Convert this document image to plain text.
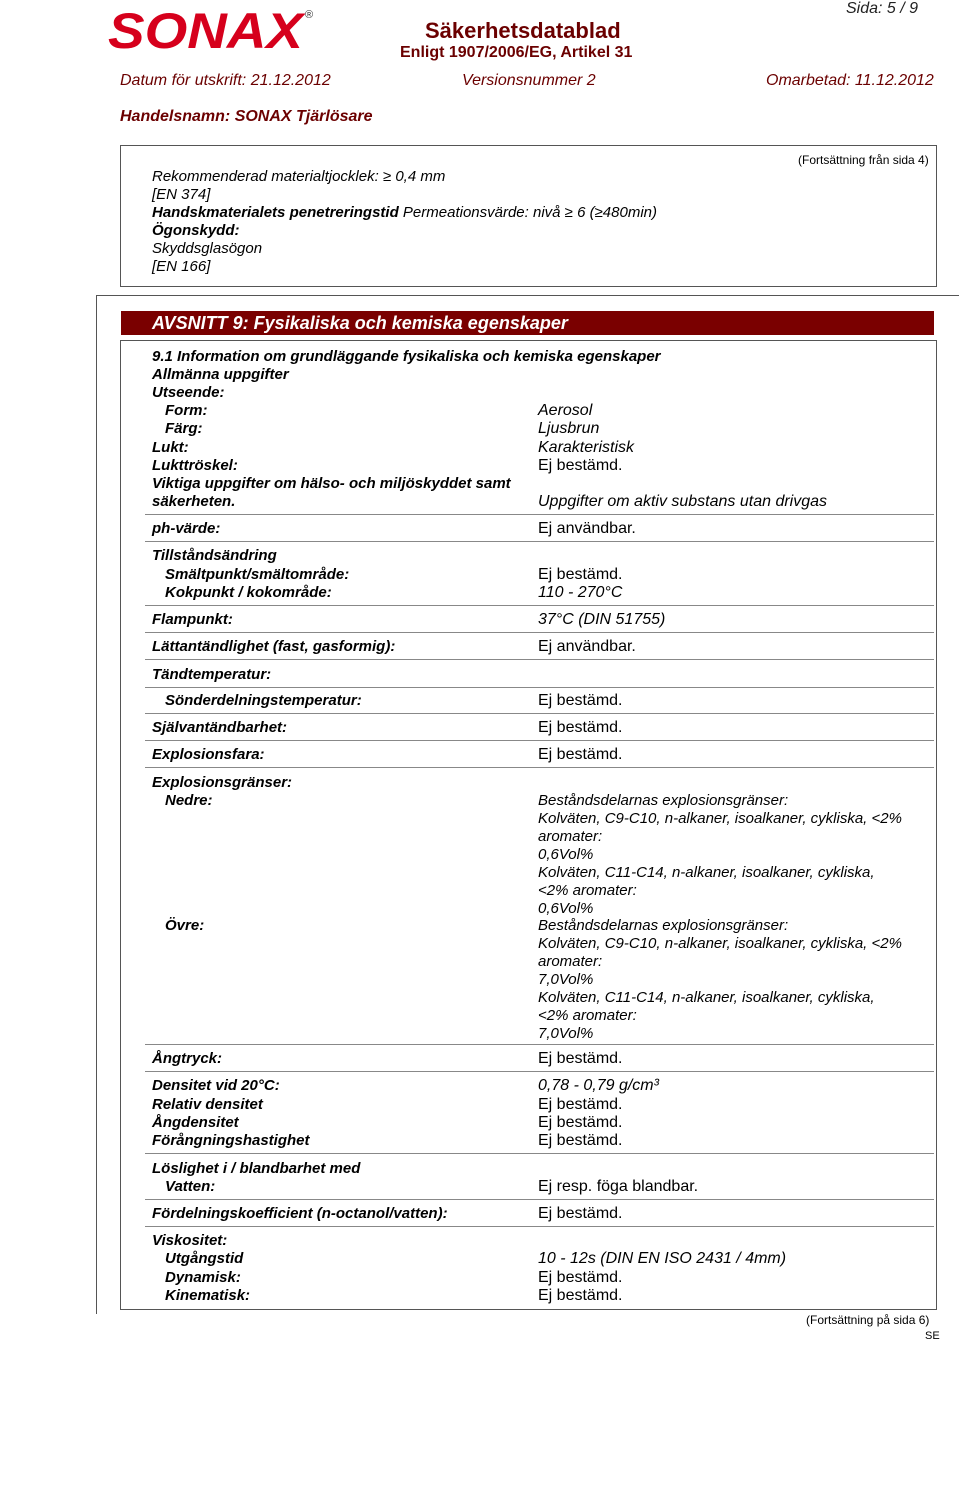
SONAX ®	Sida: 5 / 9
Säkerhetsdatablad
Enligt 1907/2006/EG, Artikel 31
Datum för utskrift: 21.12.2012	Versionsnummer 2	Omarbetad: 11.12.2012
Handelsnamn: SONAX Tjärlösare
(Fortsättning från sida 4)
Rekommenderad materialtjocklek: ≥ 0,4 mm
[EN 374]
Handskmaterialets penetreringstid Permeationsvärde: nivå ≥ 6 (≥480min)
Ögonskydd:
Skyddsglasögon
[EN 166]
AVSNITT 9: Fysikaliska och kemiska egenskaper
9.1 Information om grundläggande fysikaliska och kemiska egenskaper
Allmänna uppgifter
Utseende:
Form:	Aerosol
Färg:	Ljusbrun
Lukt:	Karakteristisk
Lukttröskel:	Ej bestämd.
Viktiga uppgifter om hälso- och miljöskyddet samt
säkerheten.	Uppgifter om aktiv substans utan drivgas
ph-värde:	Ej användbar.
Tillståndsändring
Smältpunkt/smältområde:	Ej bestämd.
Kokpunkt / kokområde:	110 - 270°C
Flampunkt:	37°C (DIN 51755)
Lättantändlighet (fast, gasformig):	Ej användbar.
Tändtemperatur:
Sönderdelningstemperatur:	Ej bestämd.
Självantändbarhet:	Ej bestämd.
Explosionsfara:	Ej bestämd.
Explosionsgränser:
Nedre:	Beståndsdelarnas explosionsgränser:
Kolväten, C9-C10, n-alkaner, isoalkaner, cykliska, <2%
aromater:
0,6Vol%
Kolväten, C11-C14, n-alkaner, isoalkaner, cykliska,
<2% aromater:
0,6Vol%
Övre:	Beståndsdelarnas explosionsgränser:
Kolväten, C9-C10, n-alkaner, isoalkaner, cykliska, <2%
aromater:
7,0Vol%
Kolväten, C11-C14, n-alkaner, isoalkaner, cykliska,
<2% aromater:
7,0Vol%
Ångtryck:	Ej bestämd.
Densitet vid 20°C:	0,78 - 0,79 g/cm³
Relativ densitet	Ej bestämd.
Ångdensitet	Ej bestämd.
Förångningshastighet	Ej bestämd.
Löslighet i / blandbarhet med
Vatten:	Ej resp. föga blandbar.
Fördelningskoefficient (n-octanol/vatten):	Ej bestämd.
Viskositet:
Utgångstid	10 - 12s (DIN EN ISO 2431 / 4mm)
Dynamisk:	Ej bestämd.
Kinematisk:	Ej bestämd.
(Fortsättning på sida 6)
SE
